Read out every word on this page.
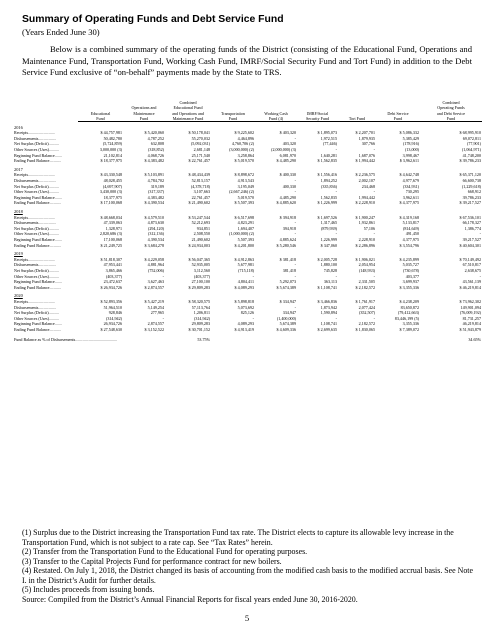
Summary of Operating Funds and Debt Service Fund
(Years Ended June 30)

Below is a combined summary of the operating funds of the District (consisting of the Educational Fund, Operations and Maintenance Fund, Transportation Fund, Working Cash Fund, IMRF/Social Security Fund and Tort Fund) in addition to the Debt Service Fund exclusive of “on-behalf” payments made by the State to TRS.

			Combined						Combined
		Operations and	Educational Fund						Operating Funds
	Educational	Maintenance	and Operations and	Transportation	Working Cash	IMRF/Social		Debt Service	and Debt Service
	Fund	Fund	Maintenance Fund	Fund	Fund (4)	Security Fund	Tort Fund	Fund	Fund
2016									
Receipts..........................	$ 44,757,981	$ 5,420,060	$ 50,178,041	$ 9,225,602	$ 403,320	$ 1,895,073	$ 2,207,701	$ 5,086,332	$ 68,995,910
Disbursements.................	50,482,780	4,787,252	55,270,032	4,464,896	-	1,972,515	1,879,935	5,385,429	69,072,811
Net Surplus (Deficit)..........	(5,724,859)	632,808	(5,092,031)	4,760,706 (2)	403,320	(77,446)	307,766	(178,916)	(77,901)
Other Sources (Uses)..........	3,000,000 (3)	(318,852)	2,681,148	(3,000,000) (2)	(2,000,000) (3)	-	-	(13,000)	(1,064,971)
Beginning Fund Balance.......	21,102,814	4,068,726	25,171,540	3,258,864	6,081,970	1,640,281	1,687,076	3,998,467	41,748,200
Ending Fund Balance...........	$ 18,377,975	$ 4,383,482	$ 22,761,457	$ 5,019,570	$ 4,485,290	$ 1,562,835	$ 1,994,442	$ 3,962,611	$ 39,786,233
2017									
Receipts..........................	$ 43,330,548	$ 5,103,891	$ 48,434,439	$ 8,898,672	$ 400,330	$ 1,556,416	$ 2,236,575	$ 4,642,748	$ 65,371,120
Disbursements.................	48,028,455	4,784,702	52,813,157	4,913,543	-	1,894,252	2,002,107	4,977,679	66,600,738
Net Surplus (Deficit)..........	(4,697,907)	319,189	(4,378,718)	3,195,049	400,330	(335,836)	234,468	(334,931)	(1,229,618)
Other Sources (Uses)..........	3,430,000 (3)	(317,337)	3,107,663	(2,667,246) (2)	-	-	-	730,295	668,912
Beginning Fund Balance.......	18,377,975	4,383,482	22,761,457	5,019,570	4,485,290	1,562,835	1,994,442	3,962,611	39,786,233
Ending Fund Balance...........	$ 17,100,068	$ 4,390,534	$ 21,490,602	$ 5,507,393	$ 4,885,620	$ 1,226,999	$ 2,228,910	$ 4,377,975	$ 39,217,527
2018									
Receipts..........................	$ 48,668,034	$ 4,579,510	$ 53,247,544	$ 6,517,698	$ 394,918	$ 1,697,526	$ 1,900,247	$ 4,319,168	$ 67,536,101
Disbursements.................	47,339,063	4,873,630	52,212,693	4,823,291	-	1,317,465	1,932,861	5,133,817	66,178,327
Net Surplus (Deficit)..........	1,328,971	(294,120)	934,851	1,694,407	394,918	(879,939)	57,106	(814,649)	1,386,774
Other Sources (Uses)..........	2,820,686 (3)	(312,136)	2,508,550	(1,000,000) (2)	-	-	-	491,450	-
Beginning Fund Balance.......	17,100,068	4,390,534	21,490,602	5,507,393	4,885,624	1,226,999	2,228,910	4,377,975	39,217,527
Ending Fund Balance...........	$ 21,249,725	$ 3,684,278	$ 24,934,003	$ 4,201,800	$ 5,280,546	$ 347,060	$ 2,286,896	$ 3,554,796	$ 40,604,301
2019									
Receipts..........................	$ 51,818,307	$ 4,229,058	$ 56,047,365	$ 4,912,863	$ 381,418	$ 2,005,728	$ 1,906,021	$ 4,235,899	$ 70,149,492
Disbursements.................	47,953,441	4,881,964	52,935,005	5,677,981	-	1,880,100	2,054,954	5,035,727	67,510,817
Net Surplus (Deficit)..........	3,865,466	(752,006)	3,112,560	(715,118)	381,418	745,828	(148,933)	(730,678)	2,638,675
Other Sources (Uses)..........	(403,377)	-	(403,377)	-	-	-	-	403,377	-
Beginning Fund Balance.......	23,472,637	3,627,463	27,100,100	4,804,411	5,292,073	363,113	2,331,505	3,699,937	43,561,139
Ending Fund Balance...........	$ 26,934,726	$ 2,874,557	$ 29,809,283	$ 4,089,293	$ 5,674,389	$ 1,108,741	$ 2,182,572	$ 3,355,336	$ 46,219,814
2020									
Receipts..........................	$ 52,893,356	$ 5,427,219	$ 58,320,575	$ 5,898,818	$ 334,947	$ 3,466,836	$ 1,761,917	$ 4,238,209	$ 73,962,302
Disbursements.................	51,964,510	5,149,254	57,113,764	5,073,692	-	1,873,942	2,077,424	83,650,872	149,901,094
Net Surplus (Deficit)..........	928,846	277,965	1,206,811	825,126	334,947	1,590,894	(352,507)	(79,412,663)	(76,009,192)
Other Sources (Uses)..........	(314,942)	-	(314,942)	-	(1,400,000)	-	-	83,446,199 (5)	81,731,257
Beginning Fund Balance.......	26,934,726	2,874,557	29,809,283	4,089,293	5,674,389	1,108,741	2,182,572	3,355,336	46,219,814
Ending Fund Balance...........	$ 27,548,630	$ 3,152,522	$ 30,701,152	$ 4,913,419	$ 4,609,336	$ 2,699,635	$ 1,830,065	$ 7,389,072	$ 51,943,879

Fund Balance as % of Disbursements.........................................			53.75%						34.65%

(1) Surplus due to the District increasing the Transportation Fund tax rate. The District elects to capture its allowable levy increase in the Transportation Fund, which is not subject to a rate cap. See “Tax Rates” herein.

(2) Transfer from the Transportation Fund to the Educational Fund for operating purposes.

(3) Transfer to the Capital Projects Fund for performance contract for new boilers.

(4) Restated. On July 1, 2018, the District changed its basis of accounting from the modified cash basis to the modified accrual basis. See Note I. in the District’s Audit for further details.

(5) Includes proceeds from issuing bonds.

Source: Compiled from the District’s Annual Financial Reports for fiscal years ended June 30, 2016-2020.

5
